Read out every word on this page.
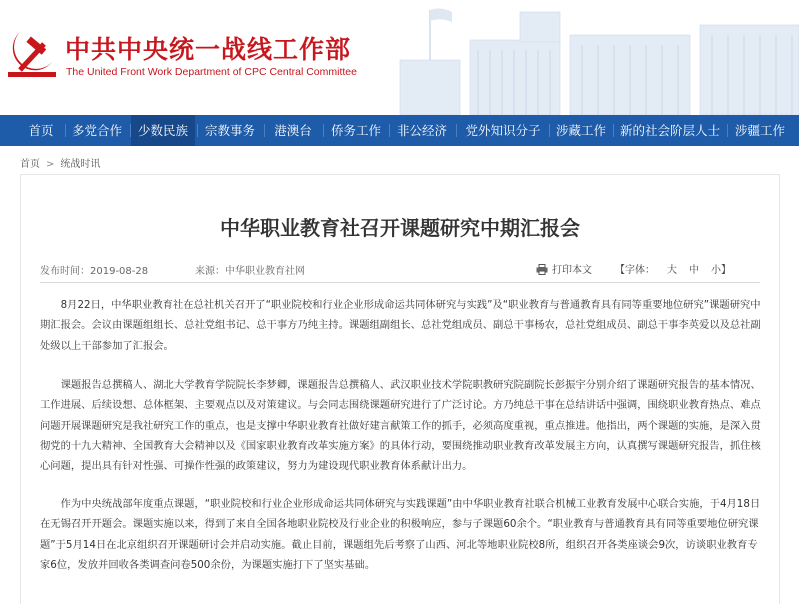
中共中央统一战线工作部
The United Front Work Department of CPC Central Committee
首页	多党合作	少数民族	宗教事务	港澳台	侨务工作	非公经济	党外知识分子	涉藏工作	新的社会阶层人士	涉疆工作
首页 > 统战时讯
中华职业教育社召开课题研究中期汇报会
发布时间：2019-08-28	来源：中华职业教育社网	打印本文 【字体： 大 中 小】

8月22日，中华职业教育社在总社机关召开了“职业院校和行业企业形成命运共同体研究与实践”及“职业教育与普通教育具有同等重要地位研究”课题研究中期汇报会。会议由课题组组长、总社党组书记、总干事方乃纯主持。课题组副组长、总社党组成员、副总干事杨农，总社党组成员、副总干事李英爱以及总社副处级以上干部参加了汇报会。

课题报告总撰稿人、湖北大学教育学院院长李梦卿，课题报告总撰稿人、武汉职业技术学院职教研究院副院长彭振宇分别介绍了课题研究报告的基本情况、工作进展、后续设想、总体框架、主要观点以及对策建议。与会同志围绕课题研究进行了广泛讨论。方乃纯总干事在总结讲话中强调，围绕职业教育热点、难点问题开展课题研究是我社研究工作的重点，也是支撑中华职业教育社做好建言献策工作的抓手，必须高度重视，重点推进。他指出，两个课题的实施，是深入贯彻党的十九大精神、全国教育大会精神以及《国家职业教育改革实施方案》的具体行动，要围绕推动职业教育改革发展主方向，认真撰写课题研究报告，抓住核心问题，提出具有针对性强、可操作性强的政策建议，努力为建设现代职业教育体系献计出力。

作为中央统战部年度重点课题，“职业院校和行业企业形成命运共同体研究与实践课题”由中华职业教育社联合机械工业教育发展中心联合实施，于4月18日在无锡召开开题会。课题实施以来，得到了来自全国各地职业院校及行业企业的积极响应，参与子课题60余个。“职业教育与普通教育具有同等重要地位研究课题”于5月14日在北京组织召开课题研讨会并启动实施。截止目前，课题组先后考察了山西、河北等地职业院校8所，组织召开各类座谈会9次，访谈职业教育专家6位，发放并回收各类调查问卷500余份，为课题实施打下了坚实基础。
